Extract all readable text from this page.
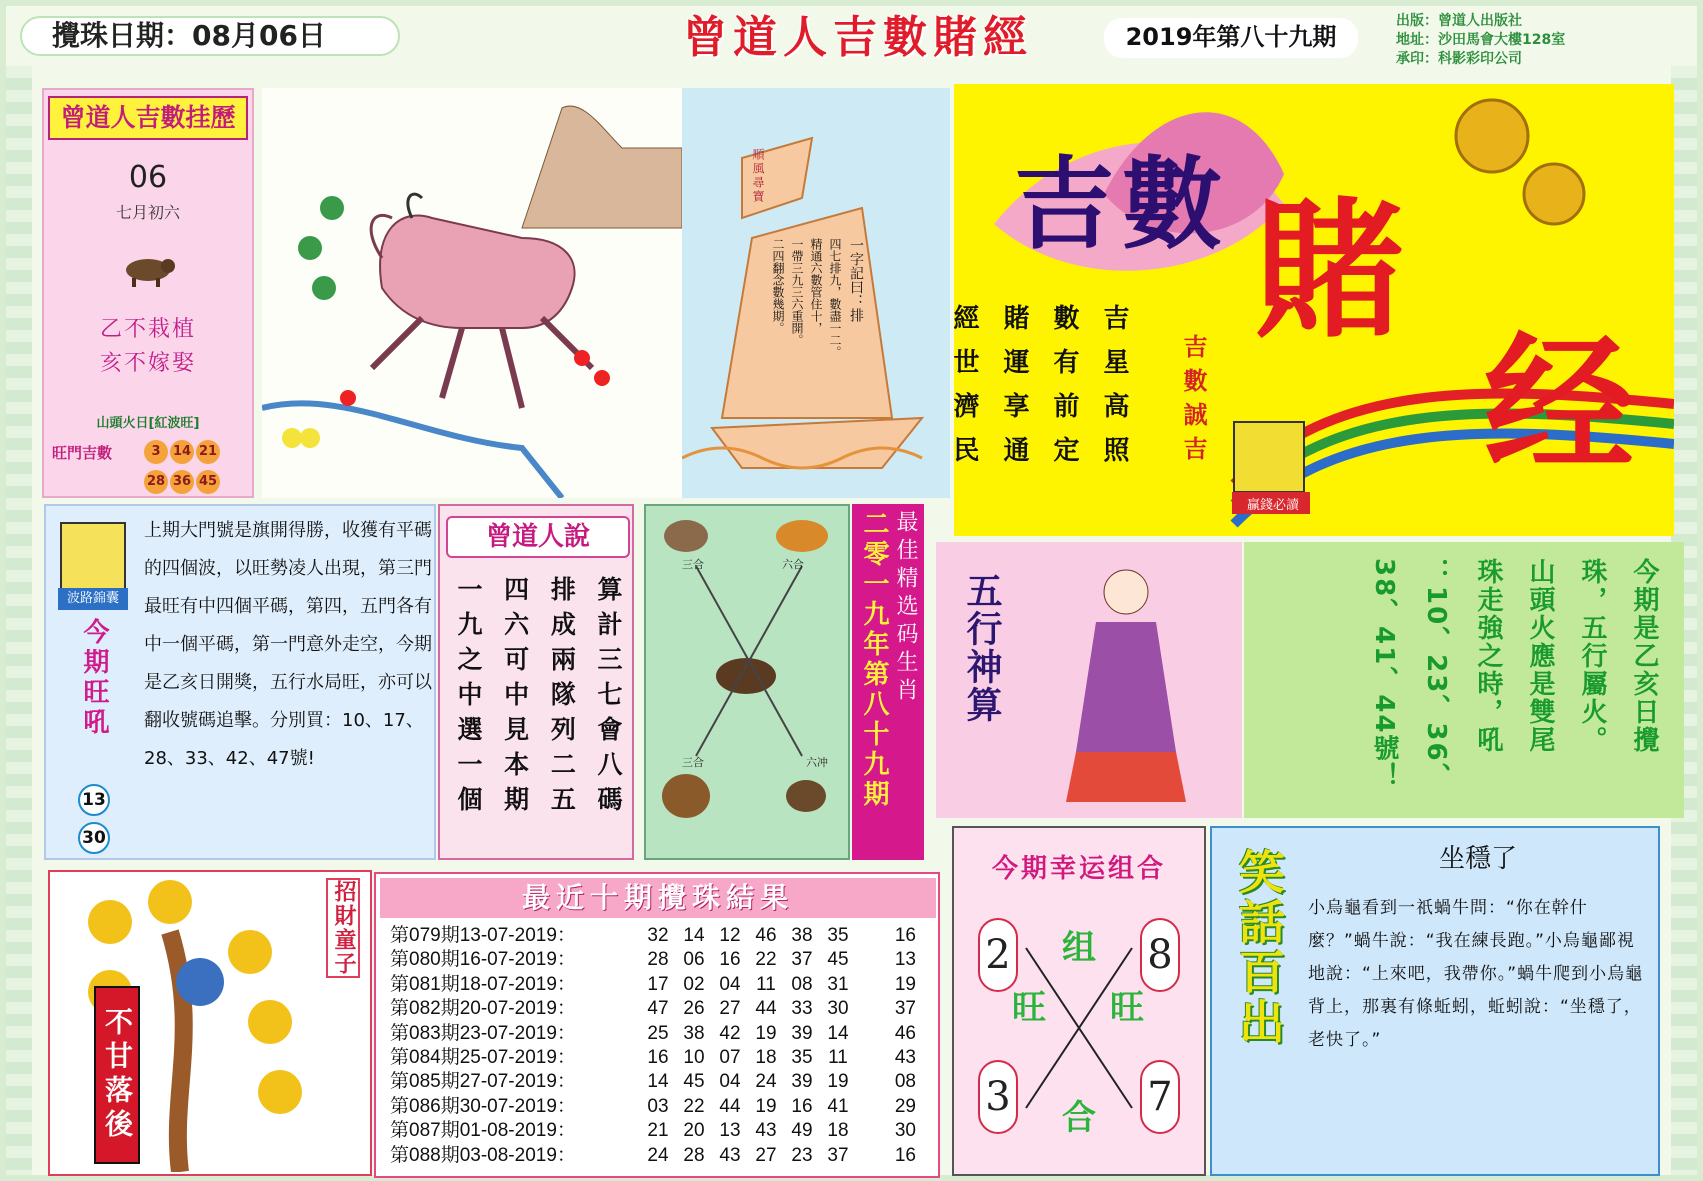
攪珠日期：08月06日	曾道人吉數賭經	2019年第八十九期
出版：曾道人出版社
地址：沙田馬會大樓128室
承印：科影彩印公司
曾道人吉數挂歷
06
七月初六
乙不栽植
亥不嫁娶
山頭火日[紅波旺]
旺門吉數	3 14 21
28 36 45
順風尋寶
一字記曰：排
四七排九，數盡一二。
精通六數管住十，
一帶三九三六重開。
二四翻念數幾期。
吉 數 賭
经
吉星高照
數有前定
賭運享通
經世濟民
贏錢必讀
吉數誠吉
波路錦囊
今期旺吼
13
30
上期大門號是旗開得勝，收獲有平碼的四個波，以旺勢凌人出現，第三門最旺有中四個平碼，第四，五門各有中一個平碼，第一門意外走空，今期是乙亥日開獎，五行水局旺，亦可以翻收號碼追擊。分別買：10、17、28、33、42、47號!
曾道人說
算計三七會八碼
排成兩隊列二五
四六可中見本期
一九之中選一個
三合	六合
三合	六冲 二零一九年第八十九期 最佳精选码生肖 五行神算	今期是乙亥日攪
珠，五行屬火。
山頭火應是雙尾
珠走強之時，吼
：10、23、36、
38、41、44號！
招財童子
不甘落後
最近十期攪珠結果
第079期13-07-2019：	32 14 12 46 38 35	16
第080期16-07-2019：	28 06 16 22 37 45	13
第081期18-07-2019：	17 02 04 11 08 31	19
第082期20-07-2019：	47 26 27 44 33 30	37
第083期23-07-2019：	25 38 42 19 39 14	46
第084期25-07-2019：	16 10 07 18 35 11	43
第085期27-07-2019：	14 45 04 24 39 19	08
第086期30-07-2019：	03 22 44 19 16 41	29
第087期01-08-2019：	21 20 13 43 49 18	30
第088期03-08-2019：	24 28 43 27 23 37	16
今期幸运组合
2	8
3	7
组
旺 旺
合
笑話百出	坐穩了
小烏龜看到一祇蝸牛問：“你在幹什麼？”蝸牛說：“我在練長跑。”小烏龜鄙視地說：“上來吧，我帶你。”蝸牛爬到小烏龜背上，那裏有條蚯蚓，蚯蚓說：“坐穩了，老快了。”
